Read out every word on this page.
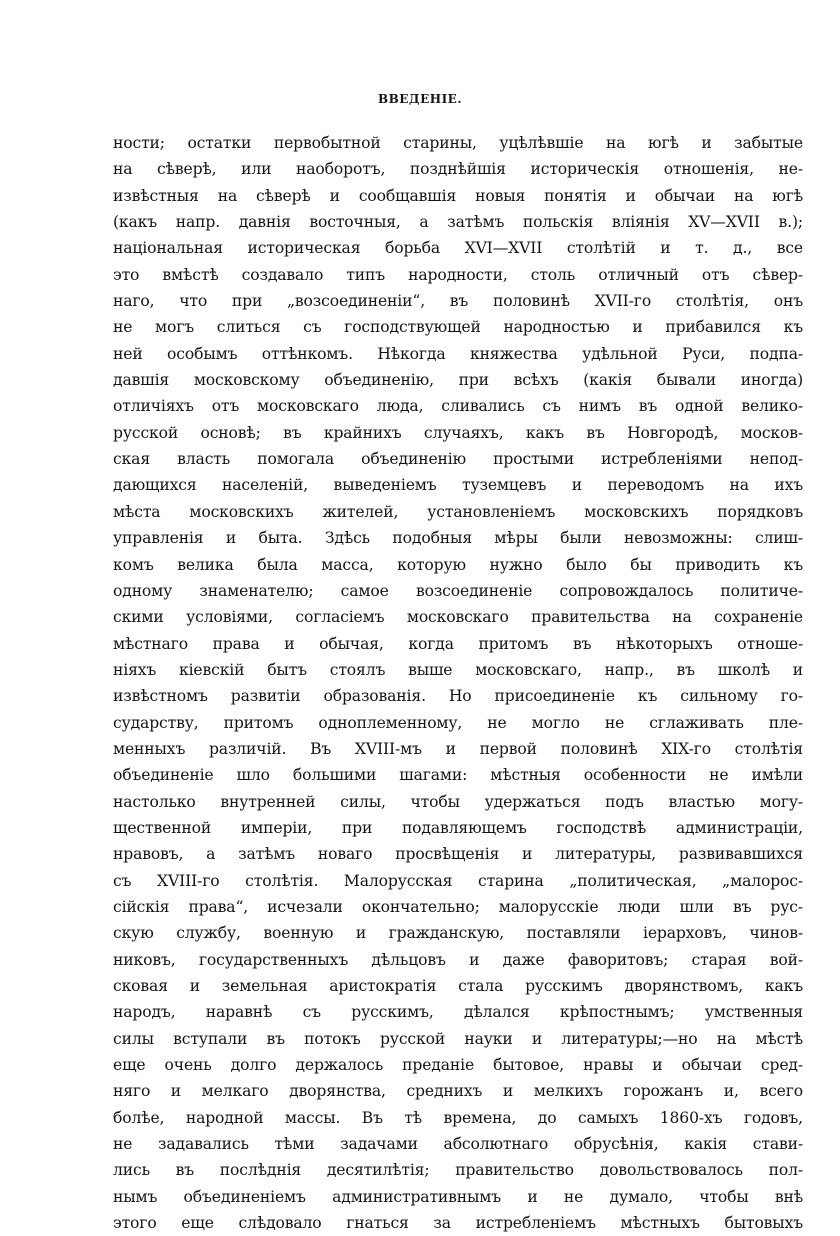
ВВЕДЕНІЕ.
ности; остатки первобытной старины, уцѣлѣвшіе на югѣ и забытые
на сѣверѣ, или наоборотъ, позднѣйшія историческія отношенія, не-
извѣстныя на сѣверѣ и сообщавшія новыя понятія и обычаи на югѣ
(какъ напр. давнія восточныя, а затѣмъ польскія вліянія XV—XVII в.);
національная историческая борьба XVI—XVII столѣтій и т. д., все
это вмѣстѣ создавало типъ народности, столь отличный отъ сѣвер-
наго, что при „возсоединеніи“, въ половинѣ XVII-го столѣтія, онъ
не могъ слиться съ господствующей народностью и прибавился къ
ней особымъ оттѣнкомъ. Нѣкогда княжества удѣльной Руси, подпа-
давшія московскому объединенію, при всѣхъ (какія бывали иногда)
отличіяхъ отъ московскаго люда, сливались съ нимъ въ одной велико-
русской основѣ; въ крайнихъ случаяхъ, какъ въ Новгородѣ, москов-
ская власть помогала объединенію простыми истребленіями непод-
дающихся населеній, выведеніемъ туземцевъ и переводомъ на ихъ
мѣста московскихъ жителей, установленіемъ московскихъ порядковъ
управленія и быта. Здѣсь подобныя мѣры были невозможны: слиш-
комъ велика была масса, которую нужно было бы приводить къ
одному знаменателю; самое возсоединеніе сопровождалось политиче-
скими условіями, согласіемъ московскаго правительства на сохраненіе
мѣстнаго права и обычая, когда притомъ въ нѣкоторыхъ отноше-
ніяхъ кіевскій бытъ стоялъ выше московскаго, напр., въ школѣ и
извѣстномъ развитіи образованія. Но присоединеніе къ сильному го-
сударству, притомъ одноплеменному, не могло не сглаживать пле-
менныхъ различій. Въ XVIII-мъ и первой половинѣ XIX-го столѣтія
объединеніе шло большими шагами: мѣстныя особенности не имѣли
настолько внутренней силы, чтобы удержаться подъ властью могу-
щественной имперіи, при подавляющемъ господствѣ администраціи,
нравовъ, а затѣмъ новаго просвѣщенія и литературы, развивавшихся
съ XVIII-го столѣтія. Малорусская старина „политическая, „малорос-
сійскія права“, исчезали окончательно; малорусскіе люди шли въ рус-
скую службу, военную и гражданскую, поставляли іерарховъ, чинов-
никовъ, государственныхъ дѣльцовъ и даже фаворитовъ; старая вой-
сковая и земельная аристократія стала русскимъ дворянствомъ, какъ
народъ, наравнѣ съ русскимъ, дѣлался крѣпостнымъ; умственныя
силы вступали въ потокъ русской науки и литературы;—но на мѣстѣ
еще очень долго держалось преданіе бытовое, нравы и обычаи сред-
няго и мелкаго дворянства, среднихъ и мелкихъ горожанъ и, всего
болѣе, народной массы. Въ тѣ времена, до самыхъ 1860-хъ годовъ,
не задавались тѣми задачами абсолютнаго обрусѣнія, какія стави-
лись въ послѣднія десятилѣтія; правительство довольствовалось пол-
нымъ объединеніемъ административнымъ и не думало, чтобы внѣ
этого еще слѣдовало гнаться за истребленіемъ мѣстныхъ бытовыхъ
